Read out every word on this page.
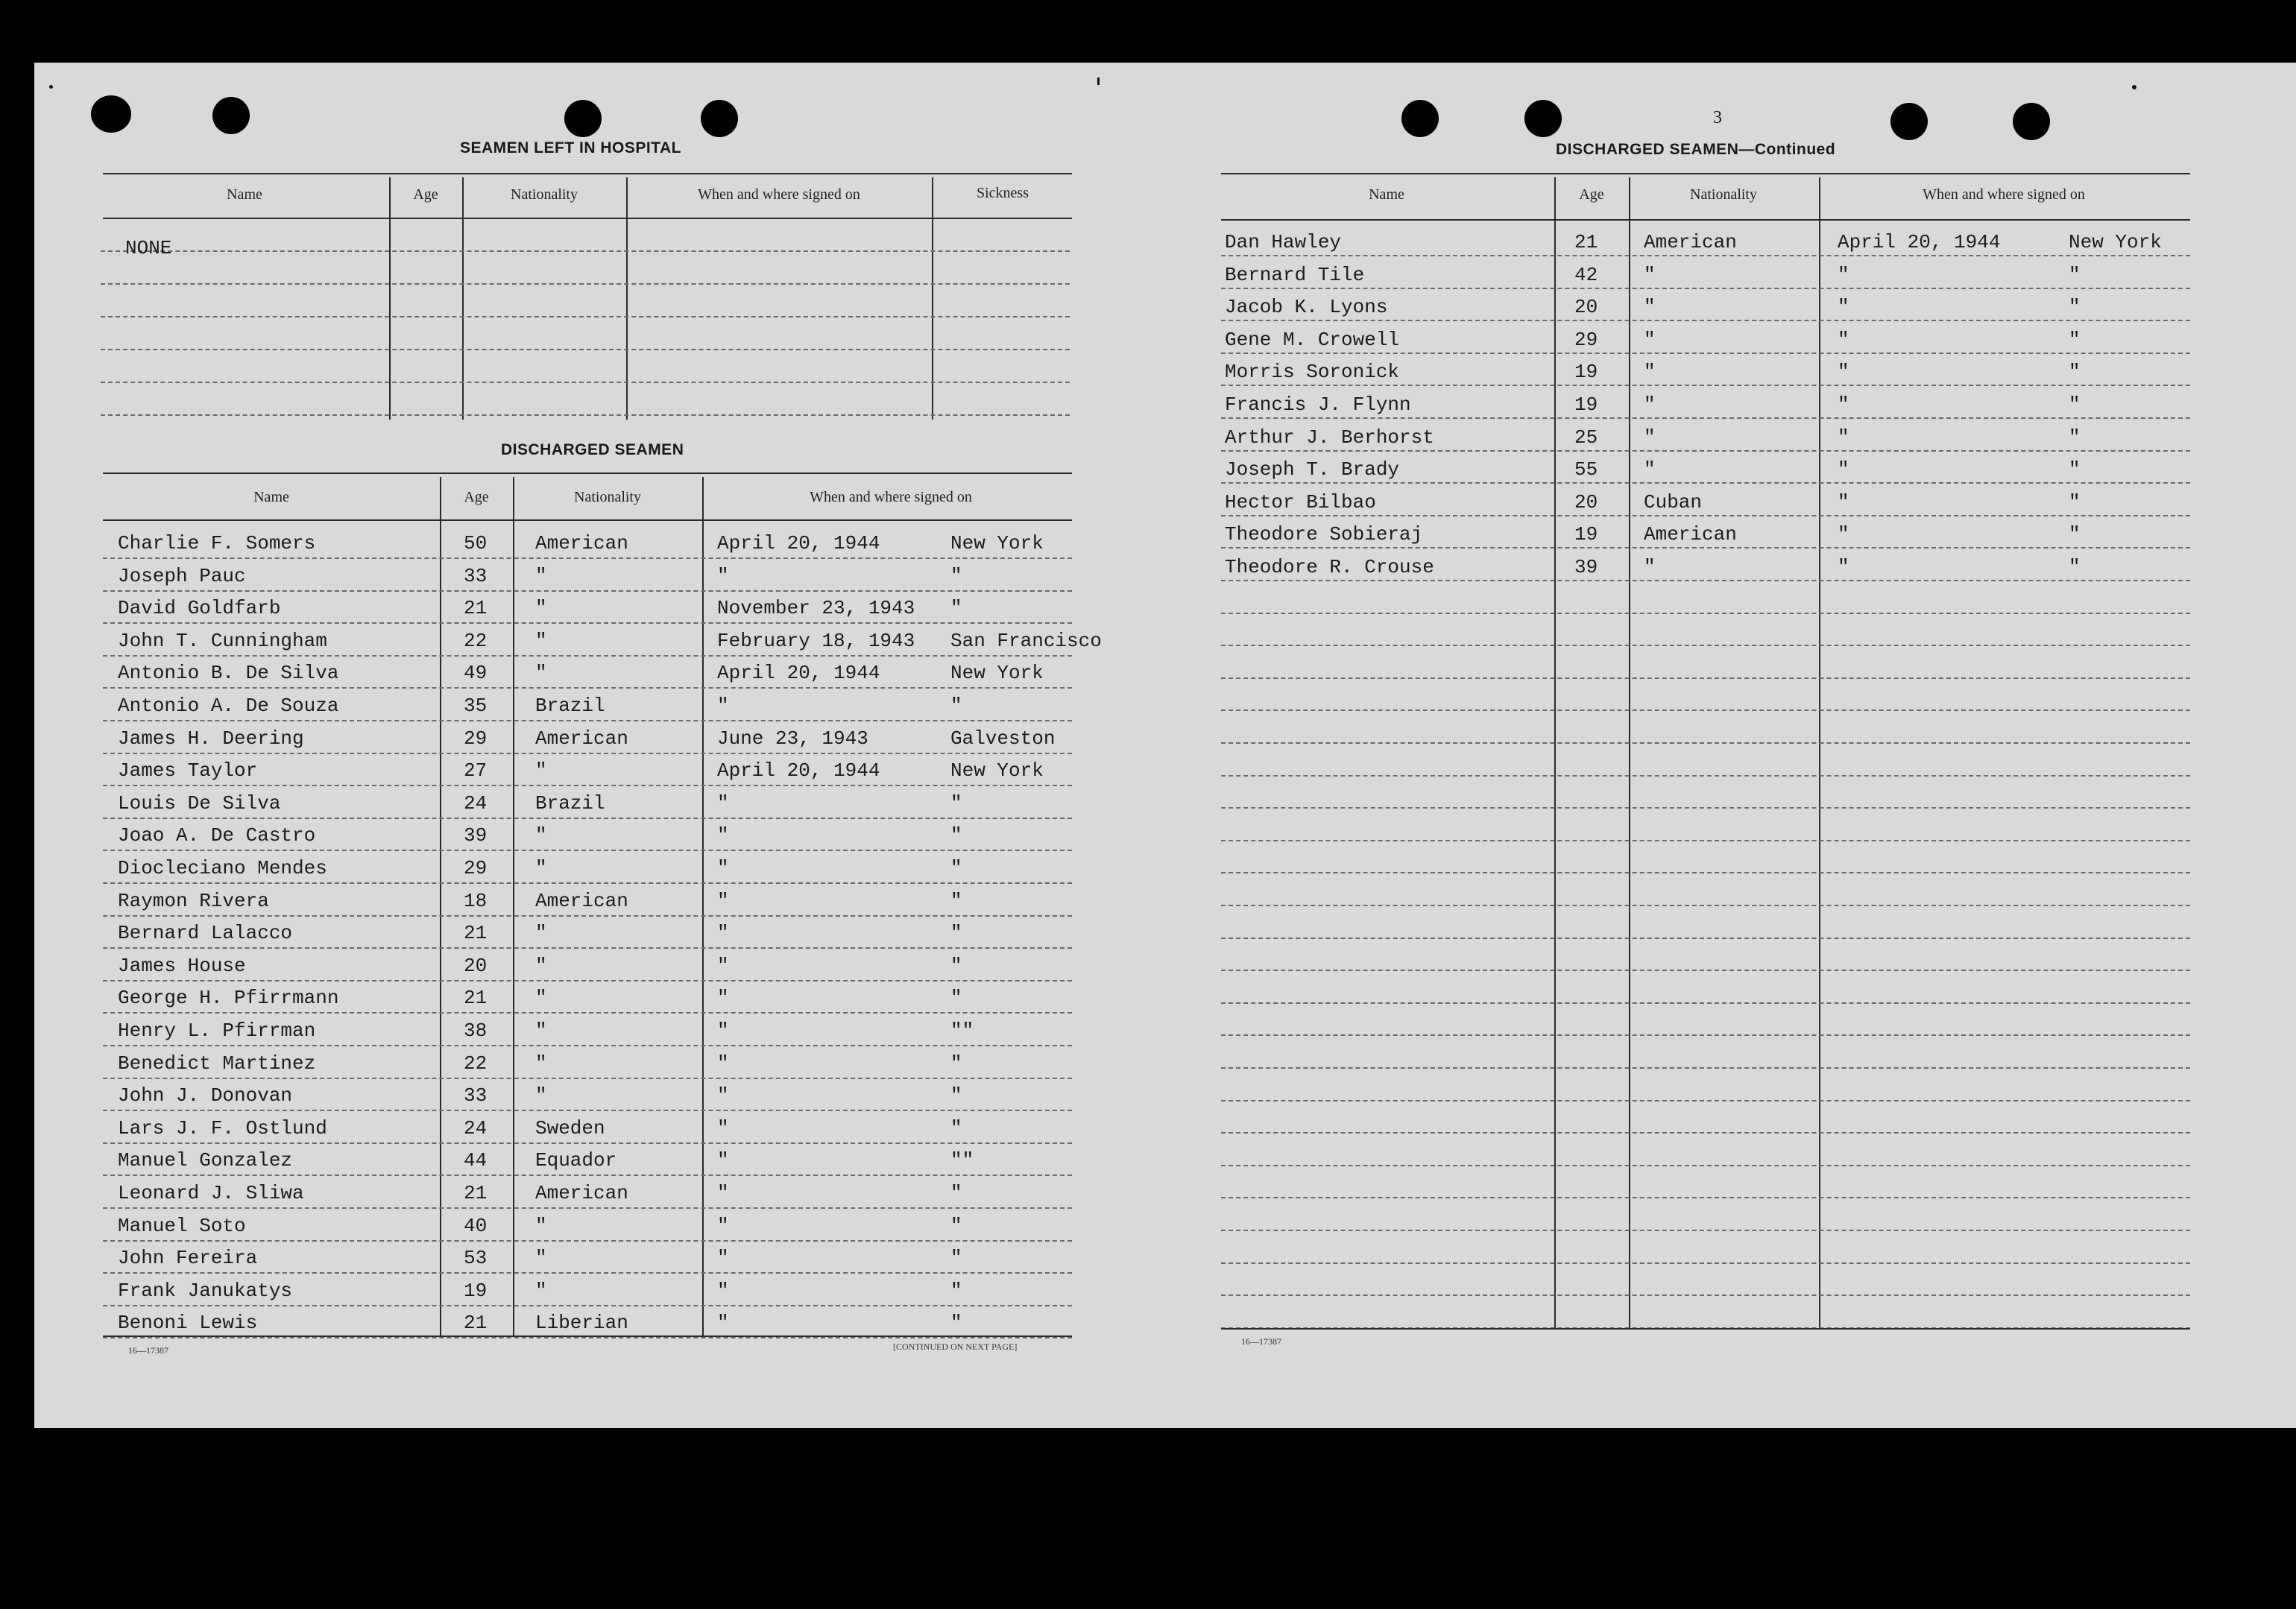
SEAMEN LEFT IN HOSPITAL
Name	Age	Nationality	When and where signed on	Sickness
NONE
DISCHARGED SEAMEN
Name	Age	Nationality	When and where signed on
Charlie F. Somers	50 American	April 20, 1944	New York
Joseph Pauc	33 "	"	"
David Goldfarb	21 "	November 23, 1943 "
John T. Cunningham	22 "	February 18, 1943 San Francisco
Antonio B. De Silva	49 "	April 20, 1944	New York
Antonio A. De Souza	35 Brazil	"	"
James H. Deering	29 American	June 23, 1943	Galveston
James Taylor	27 "	April 20, 1944	New York
Louis De Silva	24 Brazil	"	"
Joao A. De Castro	39 "	"	"
Diocleciano Mendes	29 "	"	"
Raymon Rivera	18 American	"	"
Bernard Lalacco	21 "	"	"
James House	20 "	"	"
George H. Pfirrmann	21 "	"	"
Henry L. Pfirrman	38 "	"	""
Benedict Martinez	22 "	"	"
John J. Donovan	33 "	"	"
Lars J. F. Ostlund	24 Sweden	"	"
Manuel Gonzalez	44 Equador	"	""
Leonard J. Sliwa	21 American	"	"
Manuel Soto	40 "	"	"
John Fereira	53 "	"	"
Frank Janukatys	19 "	"	"
Benoni Lewis	21 Liberian	"	"
16—17387	[CONTINUED ON NEXT PAGE]
3
DISCHARGED SEAMEN—Continued
Name	Age	Nationality	When and where signed on
Dan Hawley	21 American	April 20, 1944	New York
Bernard Tile	42 "	"	"
Jacob K. Lyons	20 "	"	"
Gene M. Crowell	29 "	"	"
Morris Soronick	19 "	"	"
Francis J. Flynn	19 "	"	"
Arthur J. Berhorst	25 "	"	"
Joseph T. Brady	55 "	"	"
Hector Bilbao	20 Cuban	"	"
Theodore Sobieraj	19 American	"	"
Theodore R. Crouse	39 "	"	"
16—17387
